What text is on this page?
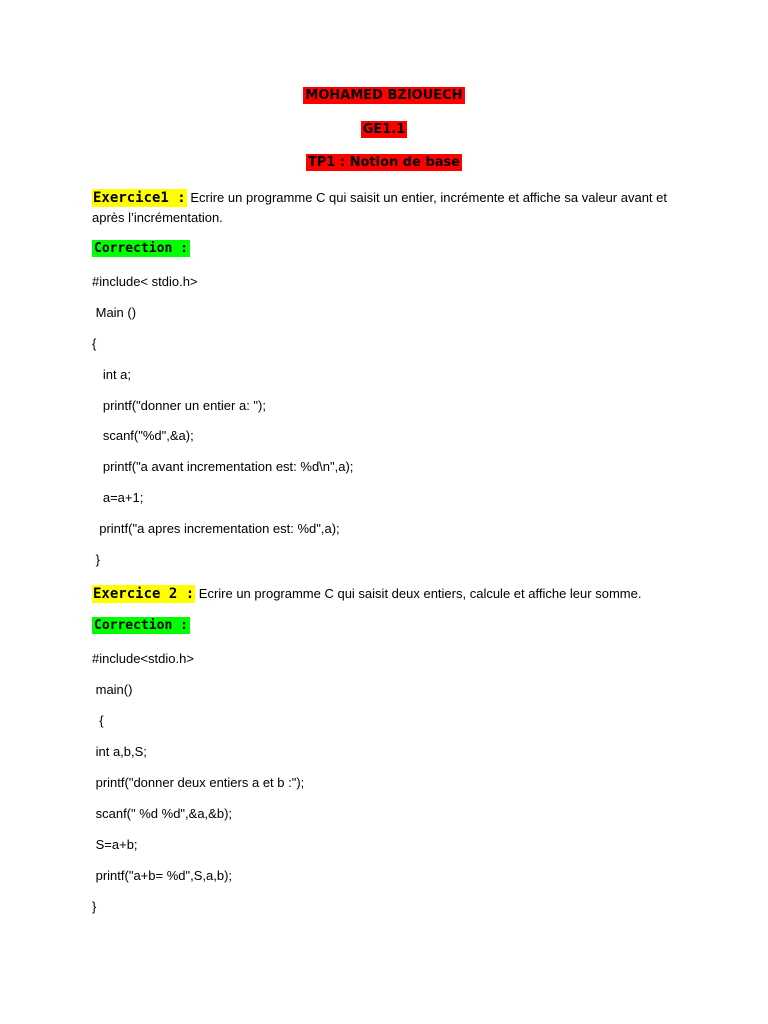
MOHAMED BZIOUECH
GE1.1
TP1 : Notion de base
Exercice1 : Ecrire un programme C qui saisit un entier, incrémente et affiche sa valeur avant et
après l’incrémentation.
Correction :
#include< stdio.h>
Main ()
{
int a;
printf("donner un entier a: ");
scanf("%d",&a);
printf("a avant incrementation est: %d\n",a);
a=a+1;
printf("a apres incrementation est: %d",a);
}
Exercice 2 : Ecrire un programme C qui saisit deux entiers, calcule et affiche leur somme.
Correction :
#include<stdio.h>
main()
{
int a,b,S;
printf("donner deux entiers a et b :");
scanf(" %d %d",&a,&b);
S=a+b;
printf("a+b= %d",S,a,b);
}
